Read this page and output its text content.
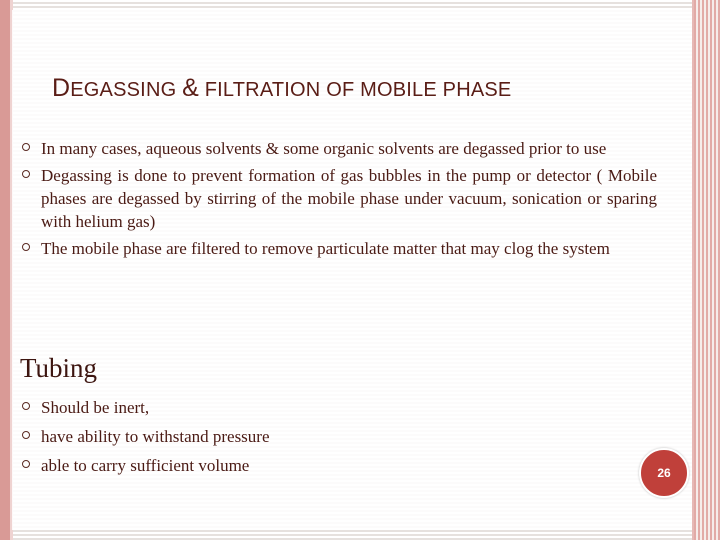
DEGASSING & FILTRATION OF MOBILE PHASE
In many cases, aqueous solvents & some organic solvents are degassed prior to use
Degassing is done to prevent formation of gas bubbles in the pump or detector ( Mobile phases are degassed by stirring of the mobile phase under vacuum, sonication or sparing with helium gas)
The mobile phase are filtered to remove particulate matter that may clog the system
Tubing
Should be inert,
have ability to withstand pressure
able to carry sufficient volume	26
